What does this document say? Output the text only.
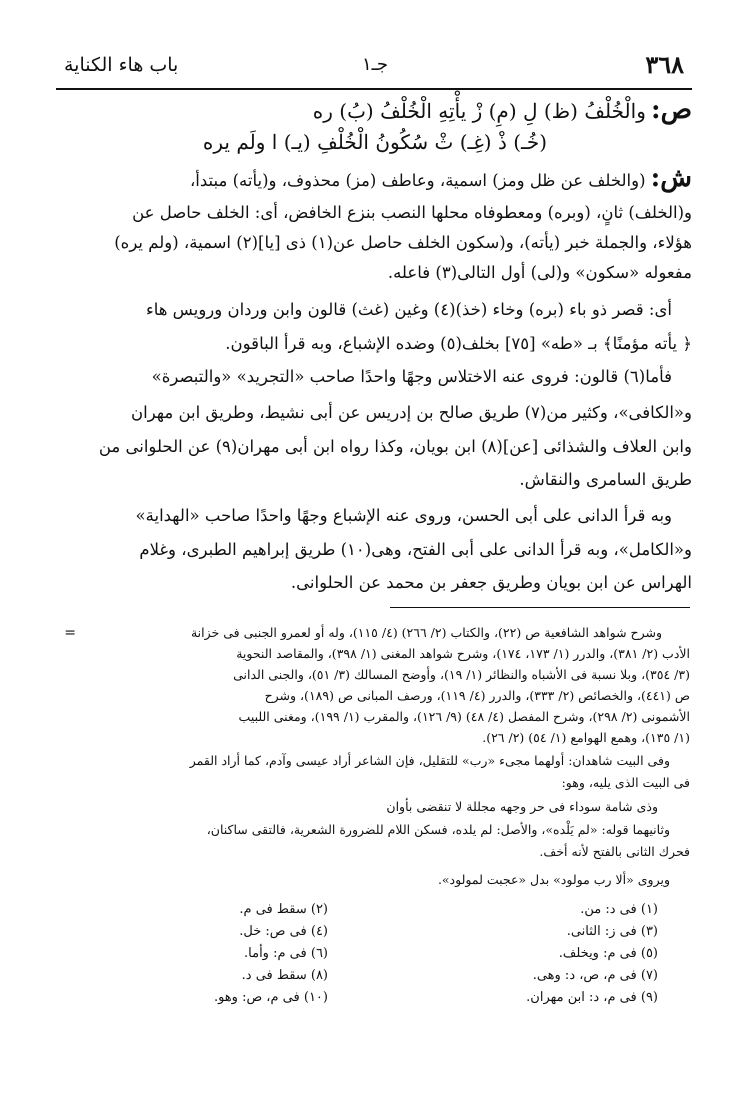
٣٦٨
جـ١
باب هاء الكناية
ص: والْخُلْفُ (ظ) لِ (مِ) زْ يأْتِهِ الْخُلْفُ (بُ) ره
(خُـ) ذْ (غِـ) ثْ سُكُونُ الْخُلْفِ (يـ) ا ولَم يره
ش: (والخلف عن ظل ومز) اسمية، وعاطف (مز) محذوف، و(يأته) مبتدأ،
و(الخلف) ثانٍ، (وبره) ومعطوفاه محلها النصب بنزع الخافض، أى: الخلف حاصل عن
هؤلاء، والجملة خبر (يأته)، و(سكون الخلف حاصل عن(١) ذى [يا](٢) اسمية، (ولم يره)
مفعوله «سكون» و(لى) أول التالى(٣) فاعله.
أى: قصر ذو باء (بره) وخاء (خذ)(٤) وغين (غث) قالون وابن وردان ورويس هاء
﴿ يأته مؤمنًا﴾ بـ «طه» [٧٥] بخلف(٥) وضده الإشباع، وبه قرأ الباقون.
فأما(٦) قالون: فروى عنه الاختلاس وجهًا واحدًا صاحب «التجريد» «والتبصرة»
و«الكافى»، وكثير من(٧) طريق صالح بن إدريس عن أبى نشيط، وطريق ابن مهران
وابن العلاف والشذائى [عن](٨) ابن بويان، وكذا رواه ابن أبى مهران(٩) عن الحلوانى من
طريق السامرى والنقاش.
وبه قرأ الدانى على أبى الحسن، وروى عنه الإشباع وجهًا واحدًا صاحب «الهداية»
و«الكامل»، وبه قرأ الدانى على أبى الفتح، وهى(١٠) طريق إبراهيم الطبرى، وغلام
الهراس عن ابن بويان وطريق جعفر بن محمد عن الحلوانى.
=	وشرح شواهد الشافعية ص (٢٢)، والكتاب (٢/ ٢٦٦) (٤/ ١١٥)، وله أو لعمرو الجنبى فى خزانة
الأدب (٢/ ٣٨١)، والدرر (١/ ١٧٣، ١٧٤)، وشرح شواهد المغنى (١/ ٣٩٨)، والمقاصد النحوية
(٣/ ٣٥٤)، وبلا نسبة فى الأشباه والنظائر (١/ ١٩)، وأوضح المسالك (٣/ ٥١)، والجنى الدانى
ص (٤٤١)، والخصائص (٢/ ٣٣٣)، والدرر (٤/ ١١٩)، ورصف المبانى ص (١٨٩)، وشرح
الأشمونى (٢/ ٢٩٨)، وشرح المفصل (٤/ ٤٨) (٩/ ١٢٦)، والمقرب (١/ ١٩٩)، ومغنى اللبيب
(١/ ١٣٥)، وهمع الهوامع (١/ ٥٤) (٢/ ٢٦).
وفى البيت شاهدان: أولهما مجىء «رب» للتقليل، فإن الشاعر أراد عيسى وآدم، كما أراد القمر
فى البيت الذى يليه، وهو:
وذى شامة سوداء فى حر وجهه مجللة لا تنقضى بأوان
وثانيهما قوله: «لم يَلْده»، والأصل: لم يلده، فسكن اللام للضرورة الشعرية، فالتقى ساكنان،
فحرك الثانى بالفتح لأنه أخف.
ويروى «ألا رب مولود» بدل «عجبت لمولود».
(١) فى د: من.
(٢) سقط فى م.
(٣) فى ز: الثانى.
(٤) فى ص: خل.
(٥) فى م: ويخلف.
(٦) فى م: وأما.
(٧) فى م، ص، د: وهى.
(٨) سقط فى د.
(٩) فى م، د: ابن مهران.
(١٠) فى م، ص: وهو.
